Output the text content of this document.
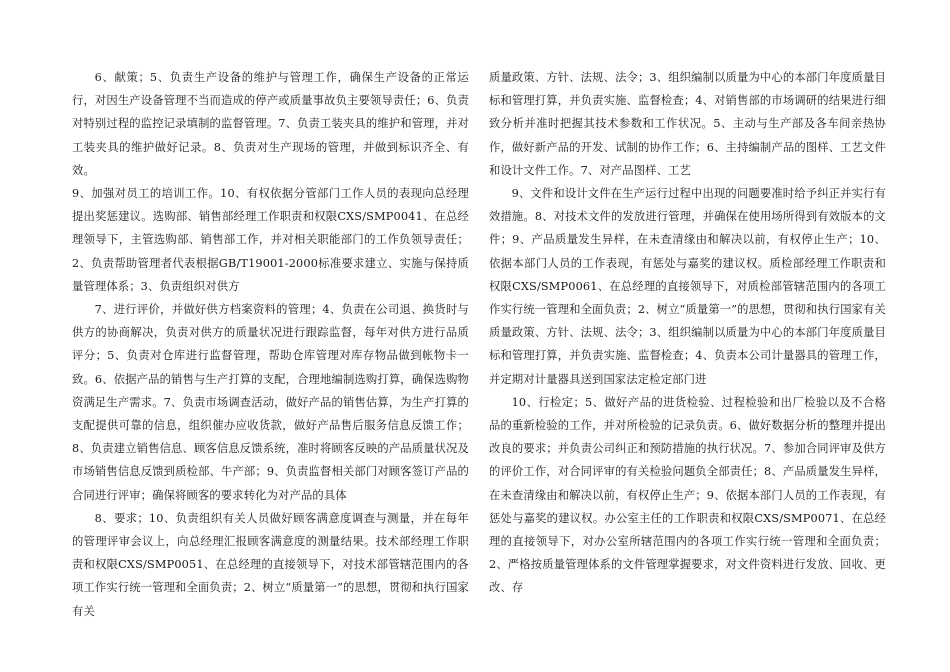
6、献策；5、负责生产设备的维护与管理工作，确保生产设备的正常运行，对因生产设备管理不当而造成的停产或质量事故负主要领导责任；6、负责对特别过程的监控记录填制的监督管理。7、负责工装夹具的维护和管理，并对工装夹具的维护做好记录。8、负责对生产现场的管理，并做到标识齐全、有效。

9、加强对员工的培训工作。10、有权依据分管部门工作人员的表现向总经理提出奖惩建议。选购部、销售部经理工作职责和权限CXS/SMP0041、在总经理领导下，主管选购部、销售部工作，并对相关职能部门的工作负领导责任；2、负责帮助管理者代表根据GB/T19001-2000标准要求建立、实施与保持质量管理体系；3、负责组织对供方

7、进行评价，并做好供方档案资料的管理；4、负责在公司退、换货时与供方的协商解决，负责对供方的质量状况进行跟踪监督，每年对供方进行品质评分；5、负责对仓库进行监督管理，帮助仓库管理对库存物品做到帐物卡一致。6、依据产品的销售与生产打算的支配，合理地编制选购打算，确保选购物资满足生产需求。7、负责市场调查活动，做好产品的销售估算，为生产打算的支配提供可靠的信息，组织催办应收货款，做好产品售后服务信息反馈工作；8、负责建立销售信息、顾客信息反馈系统，准时将顾客反映的产品质量状况及市场销售信息反馈到质检部、牛产部；9、负责监督相关部门对顾客签订产品的合同进行评审；确保将顾客的要求转化为对产品的具体

8、要求；10、负责组织有关人员做好顾客满意度调查与测量，并在每年的管理评审会议上，向总经理汇报顾客满意度的测量结果。技术部经理工作职责和权限CXS/SMP0051、在总经理的直接领导下，对技术部管辖范围内的各项工作实行统一管理和全面负责；2、树立“质量第一”的思想，贯彻和执行国家有关

质量政策、方针、法规、法令；3、组织编制以质量为中心的本部门年度质量目标和管理打算，并负责实施、监督检查；4、对销售部的市场调研的结果进行细致分析并准时把握其技术参数和工作状况。5、主动与生产部及各车间亲热协作，做好新产品的开发、试制的协作工作；6、主持编制产品的图样、工艺文件和设计文件工作。7、对产品图样、工艺

9、文件和设计文件在生产运行过程中出现的问题要准时给予纠正并实行有效措施。8、对技术文件的发放进行管理，并确保在使用场所得到有效版本的文件；9、产品质量发生异样，在未查清缘由和解决以前，有权停止生产；10、依据本部门人员的工作表现，有惩处与嘉奖的建议权。质检部经理工作职责和权限CXS/SMP0061、在总经理的直接领导下，对质检部管辖范围内的各项工作实行统一管理和全面负责；2、树立“质量第一”的思想，贯彻和执行国家有关质量政策、方针、法规、法令；3、组织编制以质量为中心的本部门年度质量目标和管理打算，并负责实施、监督检查；4、负责本公司计量器具的管理工作，并定期对计量器具送到国家法定检定部门进

10、行检定；5、做好产品的进货检验、过程检验和出厂检验以及不合格品的重新检验的工作，并对所检验的记录负责。6、做好数据分析的整理并提出改良的要求；并负责公司纠正和预防措施的执行状况。7、参加合同评审及供方的评价工作，对合同评审的有关检验问题负全部责任；8、产品质量发生异样，在未查清缘由和解决以前，有权停止生产；9、依据本部门人员的工作表现，有惩处与嘉奖的建议权。办公室主任的工作职责和权限CXS/SMP0071、在总经理的直接领导下，对办公室所辖范围内的各项工作实行统一管理和全面负责；2、严格按质量管理体系的文件管理掌握要求，对文件资料进行发放、回收、更改、存
